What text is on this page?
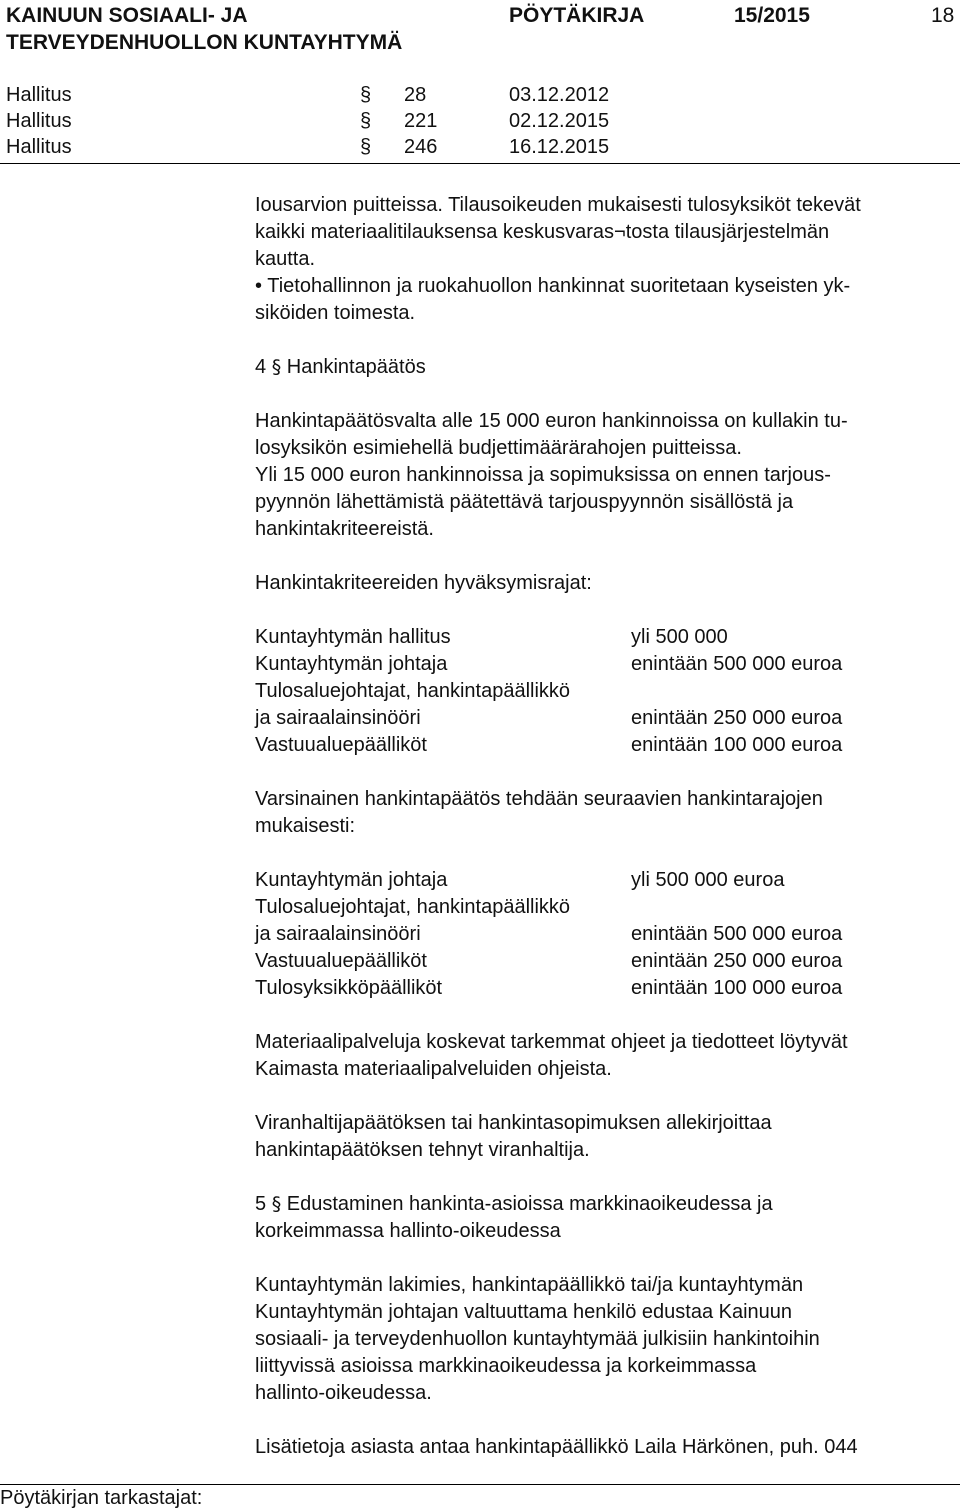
KAINUUN SOSIAALI- JA
TERVEYDENHUOLLON KUNTAYHTYMÄ
PÖYTÄKIRJA	15/2015	18
Hallitus	§ 28	03.12.2012
Hallitus	§ 221	02.12.2015
Hallitus	§ 246	16.12.2015
Iousarvion puitteissa. Tilausoikeuden mukaisesti tulosyksiköt tekevät
kaikki materiaalitilauksensa keskusvaras¬tosta tilausjärjestelmän
kautta.
• Tietohallinnon ja ruokahuollon hankinnat suoritetaan kyseisten yk-
siköiden toimesta.
4 § Hankintapäätös
Hankintapäätösvalta alle 15 000 euron hankinnoissa on kullakin tu-
losyksikön esimiehellä budjettimäärärahojen puitteissa.
Yli 15 000 euron hankinnoissa ja sopimuksissa on ennen tarjous-
pyynnön lähettämistä päätettävä tarjouspyynnön sisällöstä ja
hankintakriteereistä.
Hankintakriteereiden hyväksymisrajat:
Kuntayhtymän hallitus	yli 500 000
Kuntayhtymän johtaja	enintään 500 000 euroa
Tulosaluejohtajat, hankintapäällikkö
ja sairaalainsinööri	enintään 250 000 euroa
Vastuualuepäälliköt	enintään 100 000 euroa
Varsinainen hankintapäätös tehdään seuraavien hankintarajojen
mukaisesti:
Kuntayhtymän johtaja	yli 500 000 euroa
Tulosaluejohtajat, hankintapäällikkö
ja sairaalainsinööri	enintään 500 000 euroa
Vastuualuepäälliköt	enintään 250 000 euroa
Tulosyksikköpäälliköt	enintään 100 000 euroa
Materiaalipalveluja koskevat tarkemmat ohjeet ja tiedotteet löytyvät
Kaimasta materiaalipalveluiden ohjeista.
Viranhaltijapäätöksen tai hankintasopimuksen allekirjoittaa
hankintapäätöksen tehnyt viranhaltija.
5 § Edustaminen hankinta-asioissa markkinaoikeudessa ja
korkeimmassa hallinto-oikeudessa
Kuntayhtymän lakimies, hankintapäällikkö tai/ja kuntayhtymän
Kuntayhtymän johtajan valtuuttama henkilö edustaa Kainuun
sosiaali- ja terveydenhuollon kuntayhtymää julkisiin hankintoihin
liittyvissä asioissa markkinaoikeudessa ja korkeimmassa
hallinto-oikeudessa.
Lisätietoja asiasta antaa hankintapäällikkö Laila Härkönen, puh. 044
Pöytäkirjan tarkastajat:
